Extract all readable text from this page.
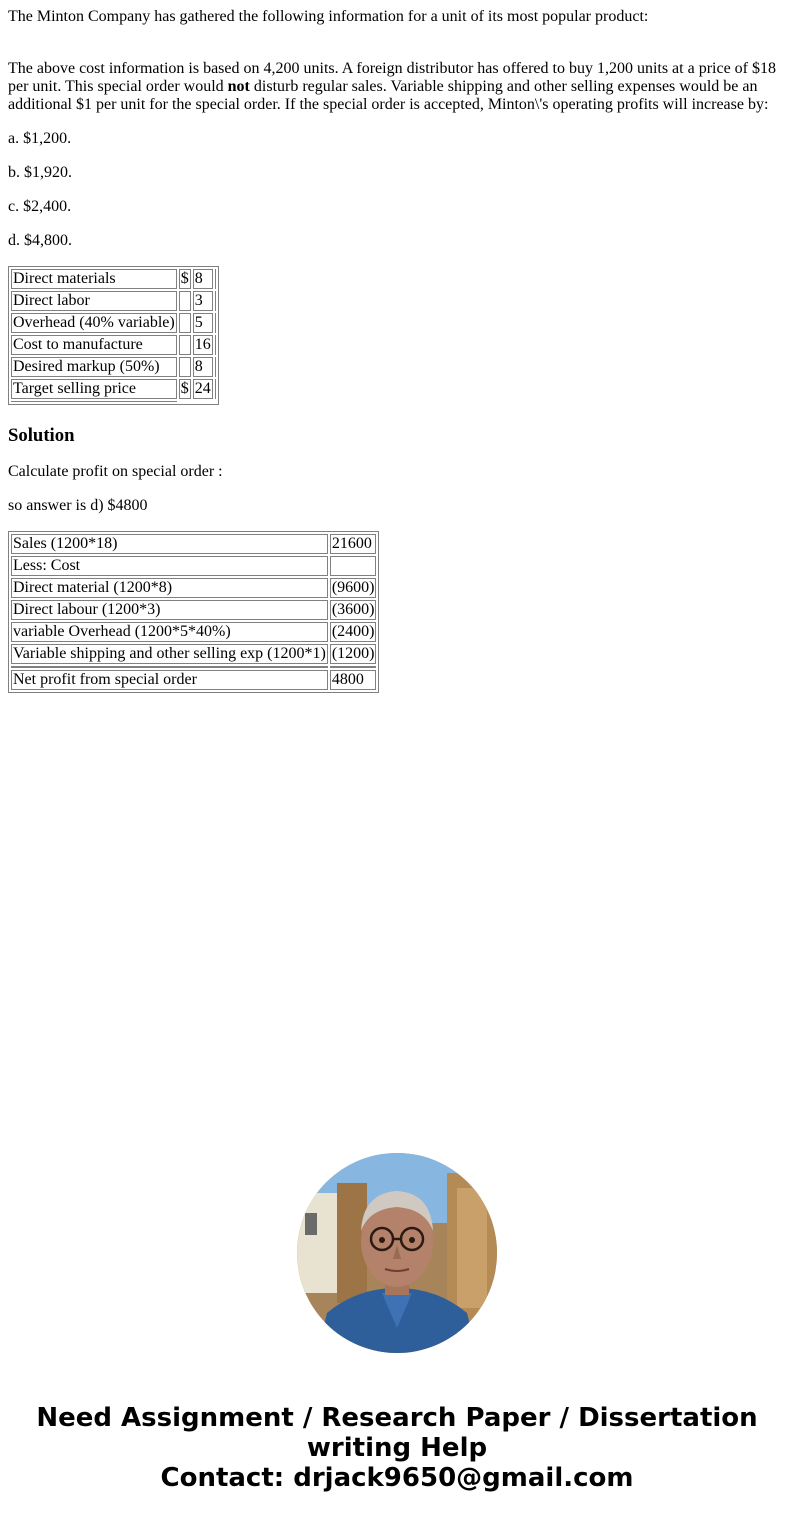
The Minton Company has gathered the following information for a unit of its most popular product:

The above cost information is based on 4,200 units. A foreign distributor has offered to buy 1,200 units at a price of $18 per unit. This special order would not disturb regular sales. Variable shipping and other selling expenses would be an additional $1 per unit for the special order. If the special order is accepted, Minton\'s operating profits will increase by:

a. $1,200.

b. $1,920.

c. $2,400.

d. $4,800.

Direct materials	$	8	
Direct labor		3	
Overhead (40% variable)		5	
Cost to manufacture		16	
Desired markup (50%)		8	
Target selling price	$	24	

Solution

Calculate profit on special order :

so answer is d) $4800

Sales (1200*18)	21600
Less: Cost	
Direct material (1200*8)	(9600)
Direct labour (1200*3)	(3600)
variable Overhead (1200*5*40%)	(2400)
Variable shipping and other selling exp (1200*1)	(1200)

Net profit from special order	4800
Need Assignment / Research Paper / Dissertation
writing Help
Contact: drjack9650@gmail.com
